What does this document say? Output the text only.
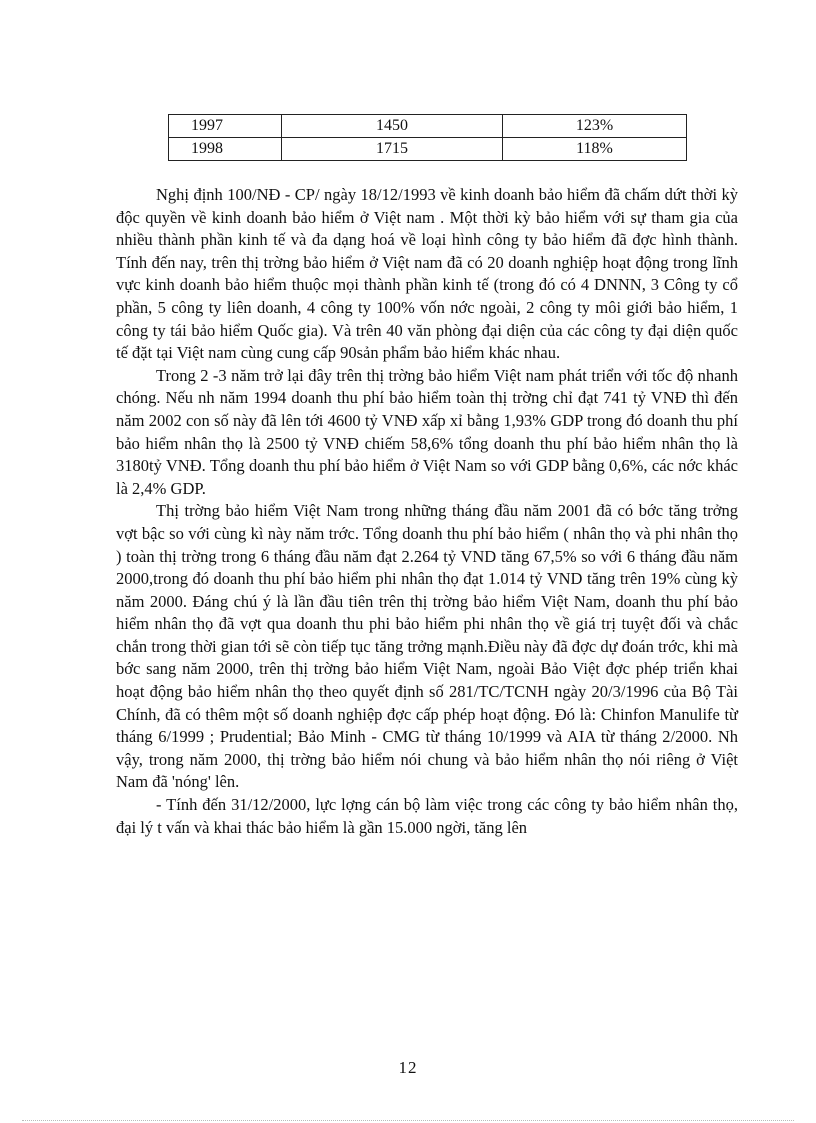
1997	1450	123%
1998	1715	118%

Nghị định 100/NĐ - CP/ ngày 18/12/1993 về kinh doanh bảo hiểm đã chấm dứt thời kỳ độc quyền về kinh doanh bảo hiểm ở Việt nam . Một thời kỳ bảo hiểm với sự tham gia của nhiều thành phần kinh tế và đa dạng hoá về loại hình công ty bảo hiểm đã đợc hình thành. Tính đến nay, trên thị trờng bảo hiểm ở Việt nam đã có 20 doanh nghiệp hoạt động trong lĩnh vực kinh doanh bảo hiểm thuộc mọi thành phần kinh tế (trong đó có 4 DNNN, 3 Công ty cổ phần, 5 công ty liên doanh, 4 công ty 100% vốn nớc ngoài, 2 công ty môi giới bảo hiểm, 1 công ty tái bảo hiểm Quốc gia). Và trên 40 văn phòng đại diện của các công ty đại diện quốc tế đặt tại Việt nam cùng cung cấp 90sản phẩm bảo hiểm khác nhau.

Trong 2 -3 năm trở lại đây trên thị trờng bảo hiểm Việt nam phát triển với tốc độ nhanh chóng. Nếu nh năm 1994 doanh thu phí bảo hiểm toàn thị trờng chỉ đạt 741 tỷ VNĐ thì đến năm 2002 con số này đã lên tới 4600 tỷ VNĐ xấp xỉ bằng 1,93% GDP trong đó doanh thu phí bảo hiểm nhân thọ là 2500 tỷ VNĐ chiếm 58,6% tổng doanh thu phí bảo hiểm nhân thọ là 3180tỷ VNĐ. Tổng doanh thu phí bảo hiểm ở Việt Nam so với GDP bằng 0,6%, các nớc khác là 2,4% GDP.

Thị trờng bảo hiểm Việt Nam trong những tháng đầu năm 2001 đã có bớc tăng trởng vợt bậc so với cùng kì này năm trớc. Tổng doanh thu phí bảo hiểm ( nhân thọ và phi nhân thọ ) toàn thị trờng trong 6 tháng đầu năm đạt 2.264 tỷ VND tăng 67,5% so với 6 tháng đầu năm 2000,trong đó doanh thu phí bảo hiểm phi nhân thọ đạt 1.014 tỷ VND tăng trên 19% cùng kỳ năm 2000. Đáng chú ý là lần đầu tiên trên thị trờng bảo hiểm Việt Nam, doanh thu phí bảo hiểm nhân thọ đã vợt qua doanh thu phi bảo hiểm phi nhân thọ về giá trị tuyệt đối và chắc chắn trong thời gian tới sẽ còn tiếp tục tăng trởng mạnh.Điều này đã đợc dự đoán trớc, khi mà bớc sang năm 2000, trên thị trờng bảo hiểm Việt Nam, ngoài Bảo Việt đợc phép triển khai hoạt động bảo hiểm nhân thọ theo quyết định số 281/TC/TCNH ngày 20/3/1996 của Bộ Tài Chính, đã có thêm một số doanh nghiệp đợc cấp phép hoạt động. Đó là: Chinfon Manulife từ tháng 6/1999 ; Prudential; Bảo Minh - CMG từ tháng 10/1999 và AIA từ tháng 2/2000. Nh vậy, trong năm 2000, thị trờng bảo hiểm nói chung và bảo hiểm nhân thọ nói riêng ở Việt Nam đã 'nóng' lên.

- Tính đến 31/12/2000, lực lợng cán bộ làm việc trong các công ty bảo hiểm nhân thọ, đại lý t vấn và khai thác bảo hiểm là gần 15.000 ngời, tăng lên

12
